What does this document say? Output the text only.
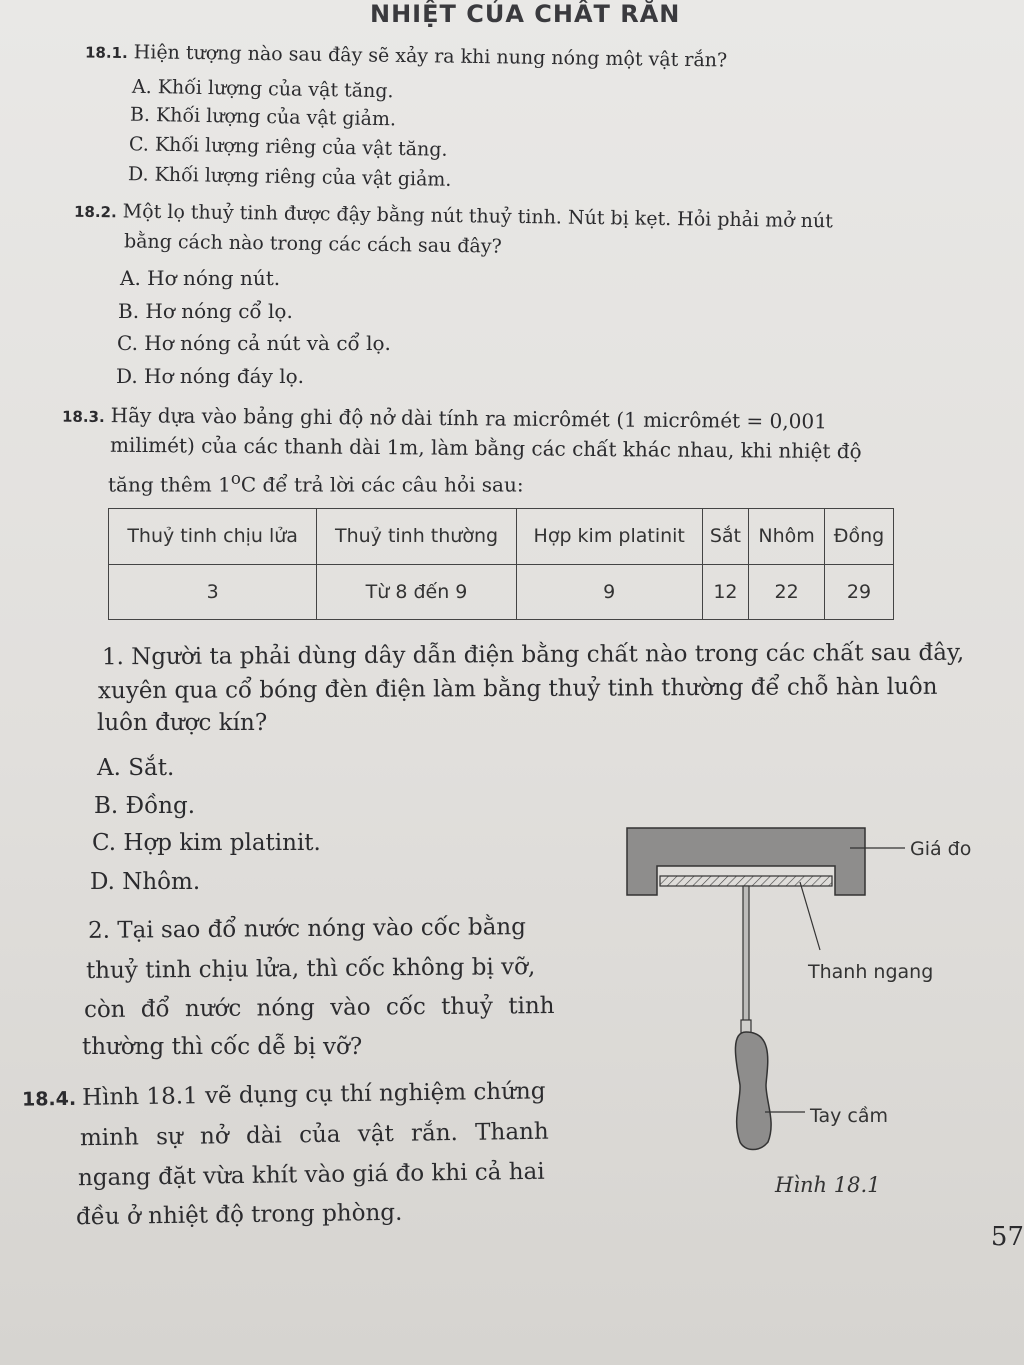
NHIỆT CỦA CHẤT RẮN
18.1. Hiện tượng nào sau đây sẽ xảy ra khi nung nóng một vật rắn?
A. Khối lượng của vật tăng.
B. Khối lượng của vật giảm.
C. Khối lượng riêng của vật tăng.
D. Khối lượng riêng của vật giảm.
18.2. Một lọ thuỷ tinh được đậy bằng nút thuỷ tinh. Nút bị kẹt. Hỏi phải mở nút
bằng cách nào trong các cách sau đây?
A. Hơ nóng nút.
B. Hơ nóng cổ lọ.
C. Hơ nóng cả nút và cổ lọ.
D. Hơ nóng đáy lọ.
18.3. Hãy dựa vào bảng ghi độ nở dài tính ra micrômét (1 micrômét = 0,001
milimét) của các thanh dài 1m, làm bằng các chất khác nhau, khi nhiệt độ
tăng thêm 1$^o$C để trả lời các câu hỏi sau:
Thuỷ tinh chịu lửa	Thuỷ tinh thường	Hợp kim platinit	Sắt	Nhôm	Đồng
3	Từ 8 đến 9	9	12	22	29
1. Người ta phải dùng dây dẫn điện bằng chất nào trong các chất sau đây,
xuyên qua cổ bóng đèn điện làm bằng thuỷ tinh thường để chỗ hàn luôn
luôn được kín?
A. Sắt.
B. Đồng.
C. Hợp kim platinit.
D. Nhôm.
2. Tại sao đổ nước nóng vào cốc bằng
thuỷ tinh chịu lửa, thì cốc không bị vỡ,
còn đổ nước nóng vào cốc thuỷ tinh
thường thì cốc dễ bị vỡ?
18.4. Hình 18.1 vẽ dụng cụ thí nghiệm chứng
minh sự nở dài của vật rắn. Thanh
ngang đặt vừa khít vào giá đo khi cả hai
đều ở nhiệt độ trong phòng.
Giá đo
Thanh ngang
Tay cầm
Hình 18.1
57
